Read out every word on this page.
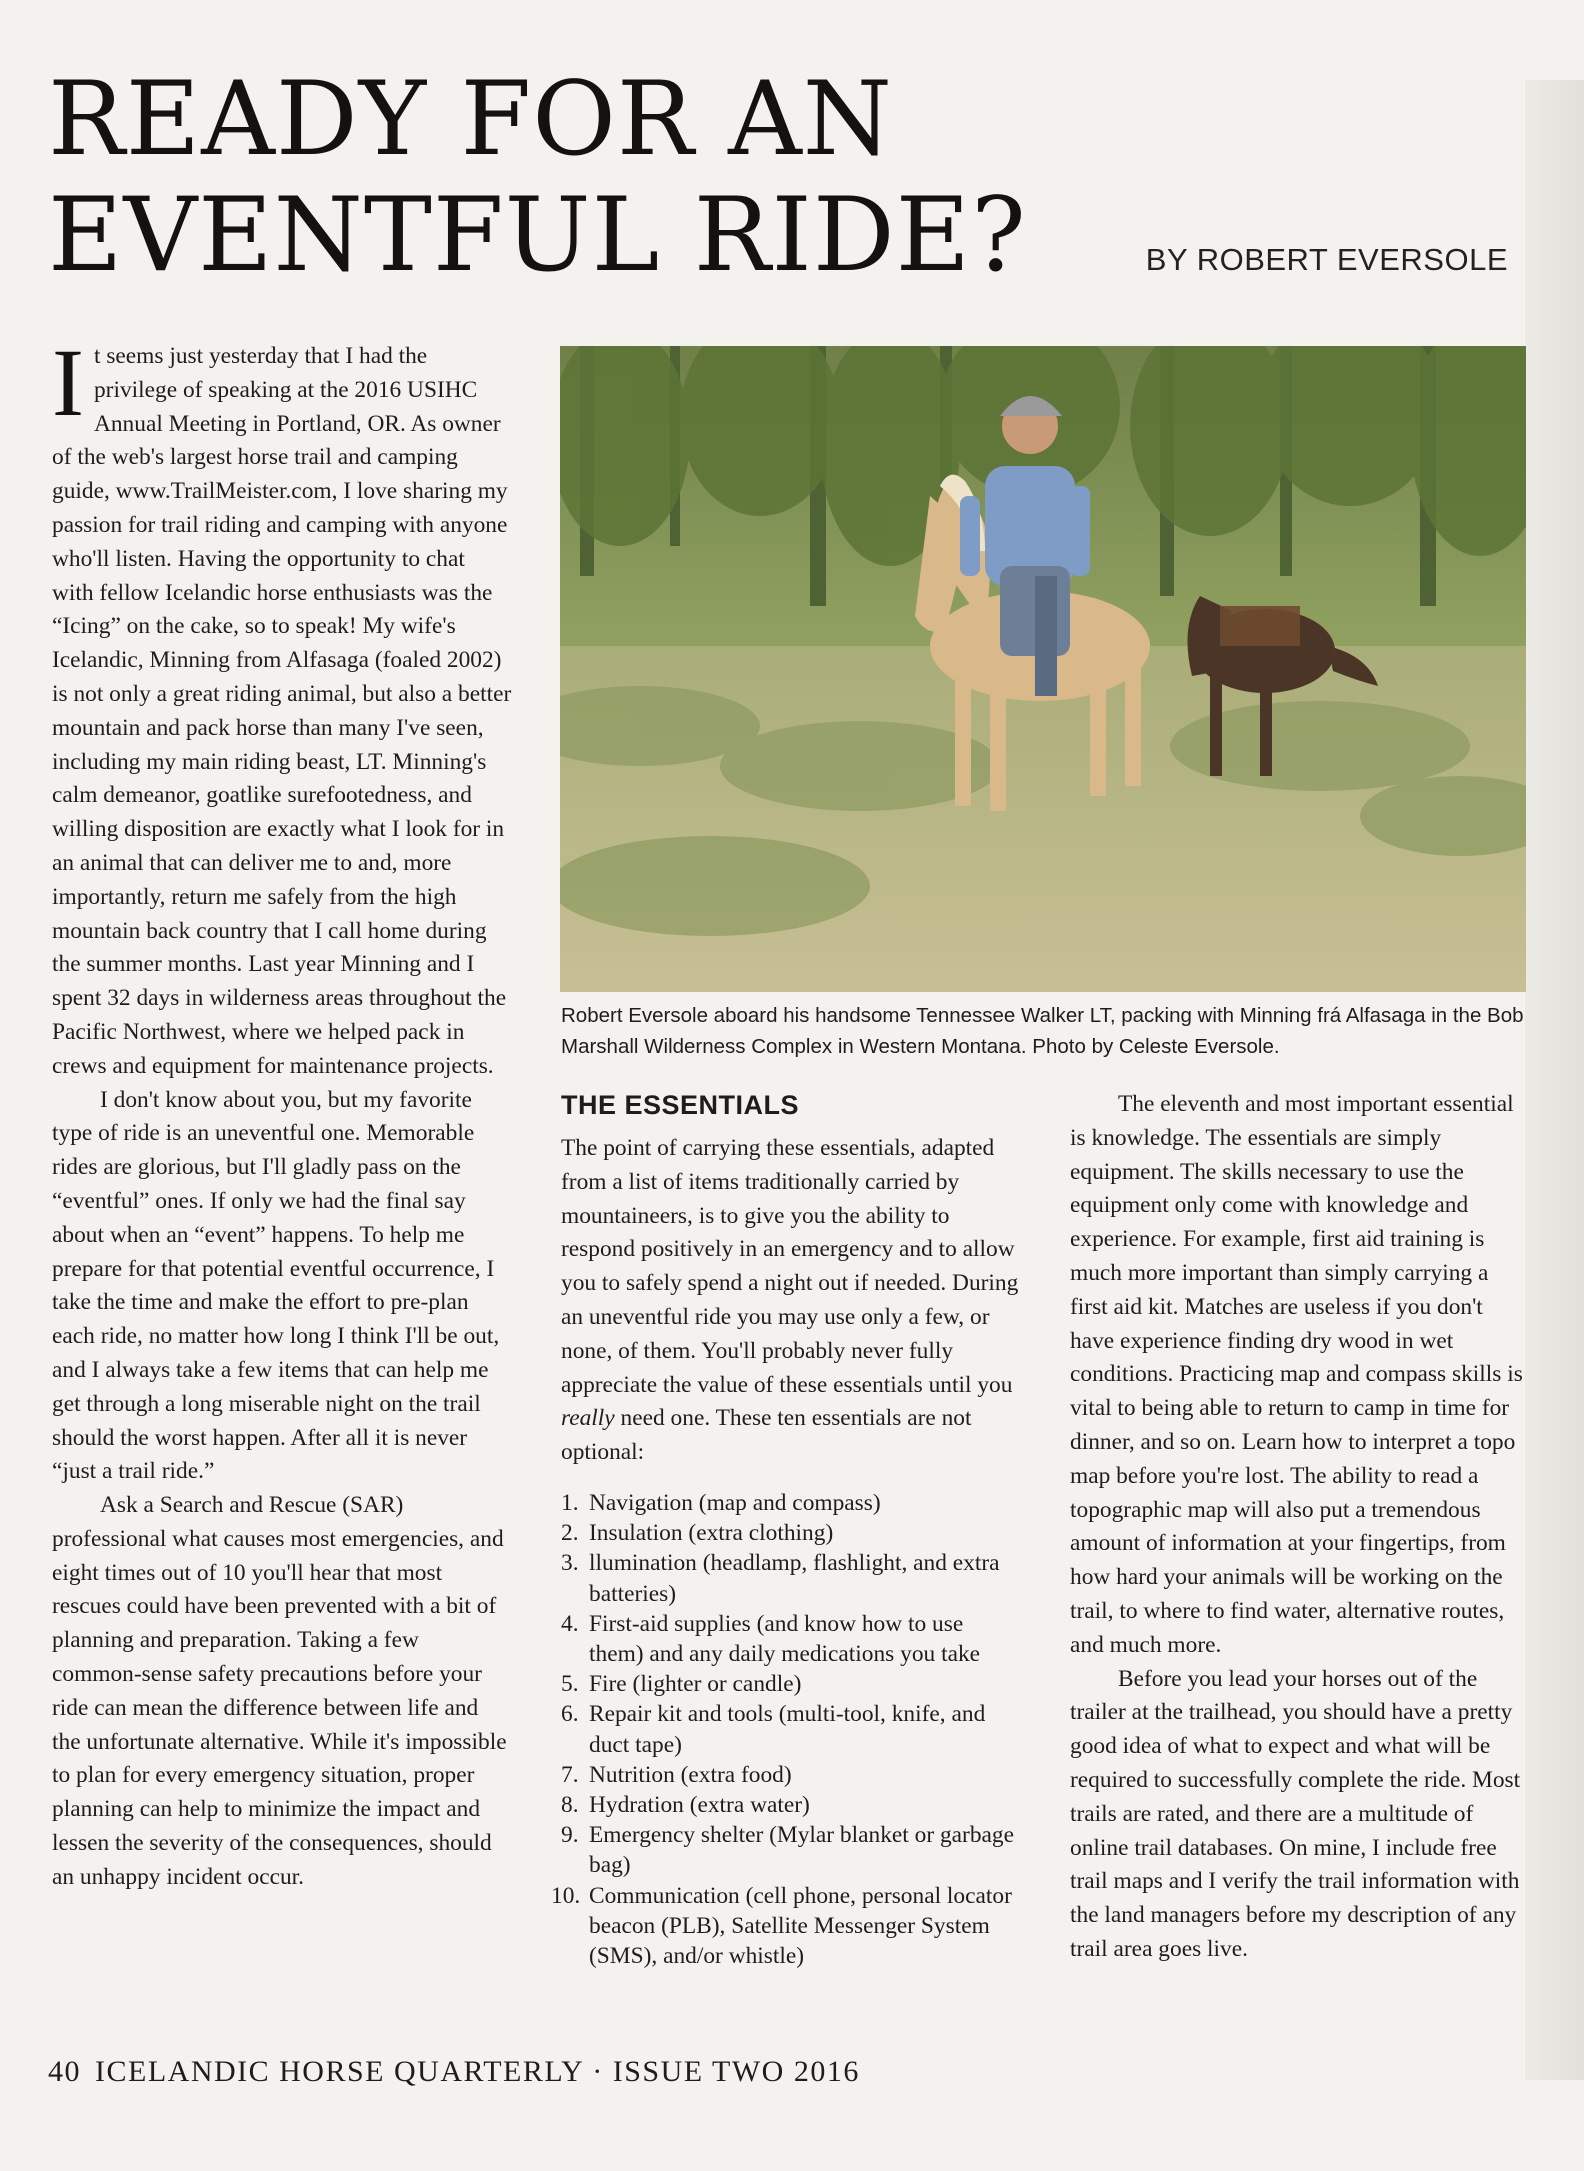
READY FOR AN EVENTFUL RIDE?	BY ROBERT EVERSOLE

It seems just yesterday that I had the privilege of speaking at the 2016 USIHC Annual Meeting in Portland, OR. As owner of the web's largest horse trail and camping guide, www.TrailMeister.com, I love sharing my passion for trail riding and camping with anyone who'll listen. Having the opportunity to chat with fellow Icelandic horse enthusiasts was the “Icing” on the cake, so to speak! My wife's Icelandic, Minning from Alfasaga (foaled 2002) is not only a great riding animal, but also a better mountain and pack horse than many I've seen, including my main riding beast, LT. Minning's calm demeanor, goatlike surefootedness, and willing disposition are exactly what I look for in an animal that can deliver me to and, more importantly, return me safely from the high mountain back country that I call home during the summer months. Last year Minning and I spent 32 days in wilderness areas throughout the Pacific Northwest, where we helped pack in crews and equipment for maintenance projects.

I don't know about you, but my favorite type of ride is an uneventful one. Memorable rides are glorious, but I'll gladly pass on the “eventful” ones. If only we had the final say about when an “event” happens. To help me prepare for that potential eventful occurrence, I take the time and make the effort to pre-plan each ride, no matter how long I think I'll be out, and I always take a few items that can help me get through a long miserable night on the trail should the worst happen. After all it is never “just a trail ride.”

Ask a Search and Rescue (SAR) professional what causes most emergencies, and eight times out of 10 you'll hear that most rescues could have been prevented with a bit of planning and preparation. Taking a few common-sense safety precautions before your ride can mean the difference between life and the unfortunate alternative. While it's impossible to plan for every emergency situation, proper planning can help to minimize the impact and lessen the severity of the consequences, should an unhappy incident occur.

Robert Eversole aboard his handsome Tennessee Walker LT, packing with Minning frá Alfasaga in the Bob Marshall Wilderness Complex in Western Montana. Photo by Celeste Eversole.

THE ESSENTIALS

The point of carrying these essentials, adapted from a list of items traditionally carried by mountaineers, is to give you the ability to respond positively in an emergency and to allow you to safely spend a night out if needed. During an uneventful ride you may use only a few, or none, of them. You'll probably never fully appreciate the value of these essentials until you really need one. These ten essentials are not optional:

1. Navigation (map and compass)
2. Insulation (extra clothing)
3. llumination (headlamp, flashlight, and extra batteries)
4. First-aid supplies (and know how to use them) and any daily medications you take
5. Fire (lighter or candle)
6. Repair kit and tools (multi-tool, knife, and duct tape)
7. Nutrition (extra food)
8. Hydration (extra water)
9. Emergency shelter (Mylar blanket or garbage bag)
10. Communication (cell phone, personal locator beacon (PLB), Satellite Messenger System (SMS), and/or whistle)

The eleventh and most important essential is knowledge. The essentials are simply equipment. The skills necessary to use the equipment only come with knowledge and experience. For example, first aid training is much more important than simply carrying a first aid kit. Matches are useless if you don't have experience finding dry wood in wet conditions. Practicing map and compass skills is vital to being able to return to camp in time for dinner, and so on. Learn how to interpret a topo map before you're lost. The ability to read a topographic map will also put a tremendous amount of information at your fingertips, from how hard your animals will be working on the trail, to where to find water, alternative routes, and much more.

Before you lead your horses out of the trailer at the trailhead, you should have a pretty good idea of what to expect and what will be required to successfully complete the ride. Most trails are rated, and there are a multitude of online trail databases. On mine, I include free trail maps and I verify the trail information with the land managers before my description of any trail area goes live.

40 ICELANDIC HORSE QUARTERLY · ISSUE TWO 2016
